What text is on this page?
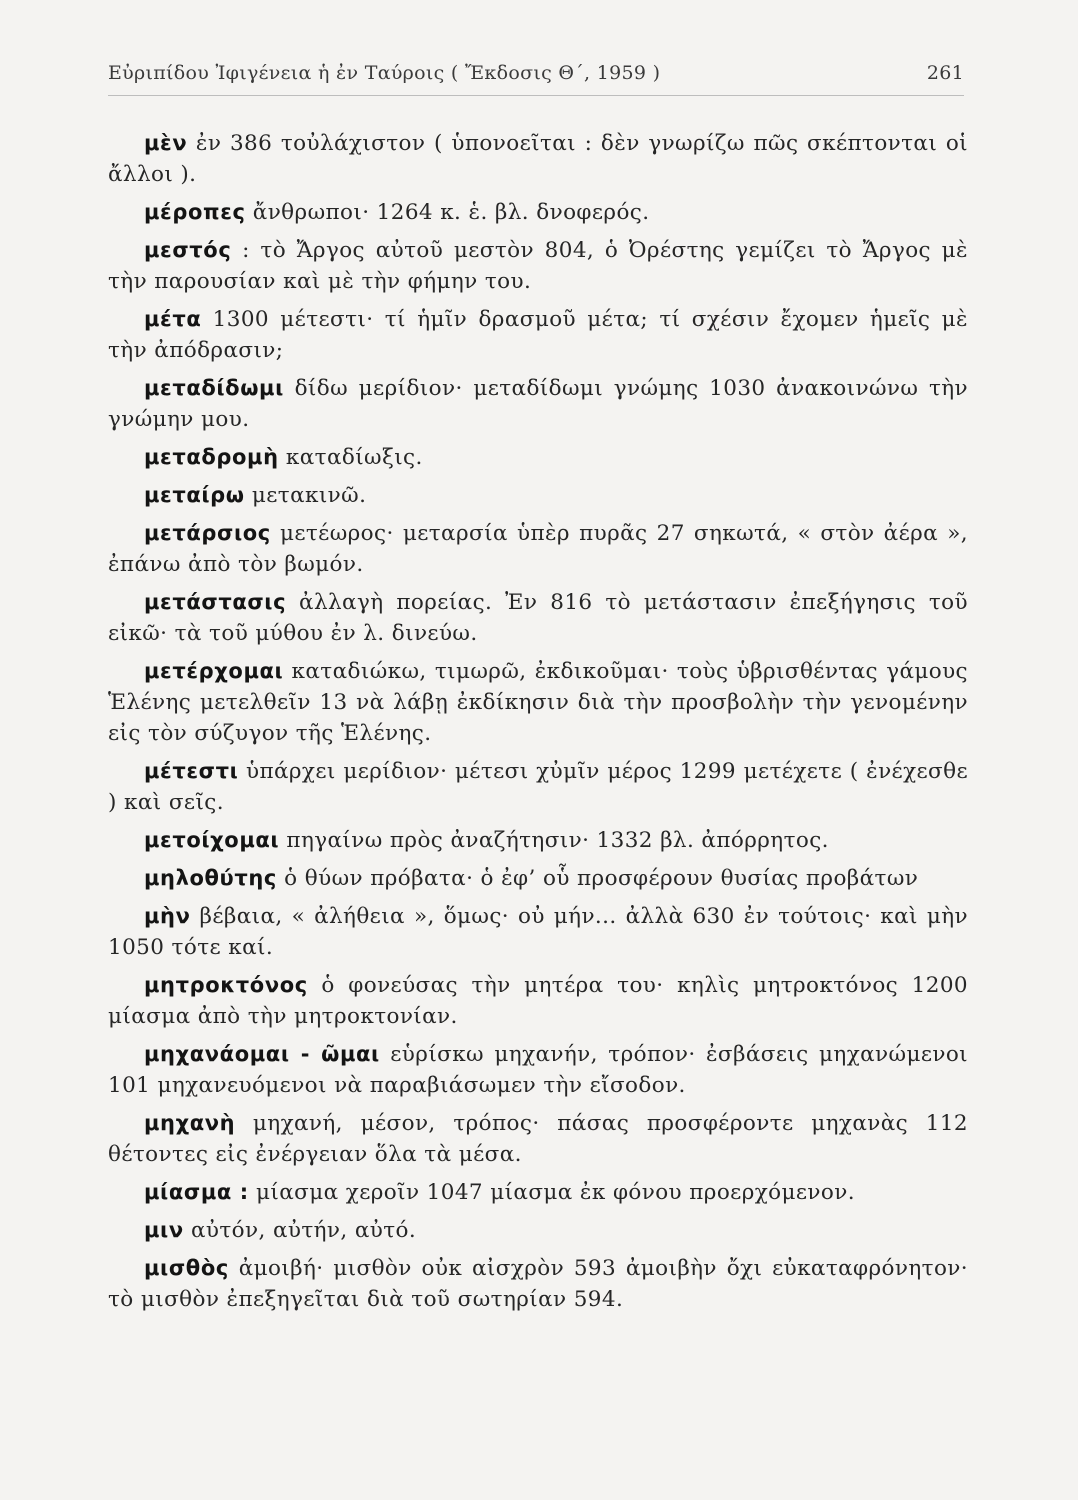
Εὐριπίδου Ἰφιγένεια ἡ ἐν Ταύροις ( Ἔκδοσις Θ΄, 1959 )	261

μὲν ἐν 386 τοὐλάχιστον ( ὑπονοεῖται : δὲν γνωρίζω πῶς σκέπτονται οἱ ἄλλοι ).

μέροπες ἄνθρωποι· 1264 κ. ἑ. βλ. δνοφερός.

μεστός : τὸ Ἄργος αὐτοῦ μεστὸν 804, ὁ Ὀρέστης γεμίζει τὸ Ἄργος μὲ τὴν παρουσίαν καὶ μὲ τὴν φήμην του.

μέτα 1300 μέτεστι· τί ἡμῖν δρασμοῦ μέτα; τί σχέσιν ἔχομεν ἡμεῖς μὲ τὴν ἀπόδρασιν;

μεταδίδωμι δίδω μερίδιον· μεταδίδωμι γνώμης 1030 ἀνακοινώνω τὴν γνώμην μου.

μεταδρομὴ καταδίωξις.

μεταίρω μετακινῶ.

μετάρσιος μετέωρος· μεταρσία ὑπὲρ πυρᾶς 27 σηκωτά, « στὸν ἀέρα », ἐπάνω ἀπὸ τὸν βωμόν.

μετάστασις ἀλλαγὴ πορείας. Ἐν 816 τὸ μετάστασιν ἐπεξήγησις τοῦ εἰκῶ· τὰ τοῦ μύθου ἐν λ. δινεύω.

μετέρχομαι καταδιώκω, τιμωρῶ, ἐκδικοῦμαι· τοὺς ὑβρισθέντας γάμους Ἑλένης μετελθεῖν 13 νὰ λάβῃ ἐκδίκησιν διὰ τὴν προσβολὴν τὴν γενομένην εἰς τὸν σύζυγον τῆς Ἑλένης.

μέτεστι ὑπάρχει μερίδιον· μέτεσι χὐμῖν μέρος 1299 μετέχετε ( ἐνέχεσθε ) καὶ σεῖς.

μετοίχομαι πηγαίνω πρὸς ἀναζήτησιν· 1332 βλ. ἀπόρρητος.

μηλοθύτης ὁ θύων πρόβατα· ὁ ἐφ’ οὗ προσφέρουν θυσίας προβάτων

μὴν βέβαια, « ἀλήθεια », ὅμως· οὐ μήν... ἀλλὰ 630 ἐν τούτοις· καὶ μὴν 1050 τότε καί.

μητροκτόνος ὁ φονεύσας τὴν μητέρα του· κηλὶς μητροκτόνος 1200 μίασμα ἀπὸ τὴν μητροκτονίαν.

μηχανάομαι - ῶμαι εὑρίσκω μηχανήν, τρόπον· ἐσβάσεις μηχανώμενοι 101 μηχανευόμενοι νὰ παραβιάσωμεν τὴν εἴσοδον.

μηχανὴ μηχανή, μέσον, τρόπος· πάσας προσφέροντε μηχανὰς 112 θέτοντες εἰς ἐνέργειαν ὅλα τὰ μέσα.

μίασμα : μίασμα χεροῖν 1047 μίασμα ἐκ φόνου προερχόμενον.

μιν αὐτόν, αὐτήν, αὐτό.

μισθὸς ἀμοιβή· μισθὸν οὐκ αἰσχρὸν 593 ἀμοιβὴν ὄχι εὐκαταφρόνητον· τὸ μισθὸν ἐπεξηγεῖται διὰ τοῦ σωτηρίαν 594.
